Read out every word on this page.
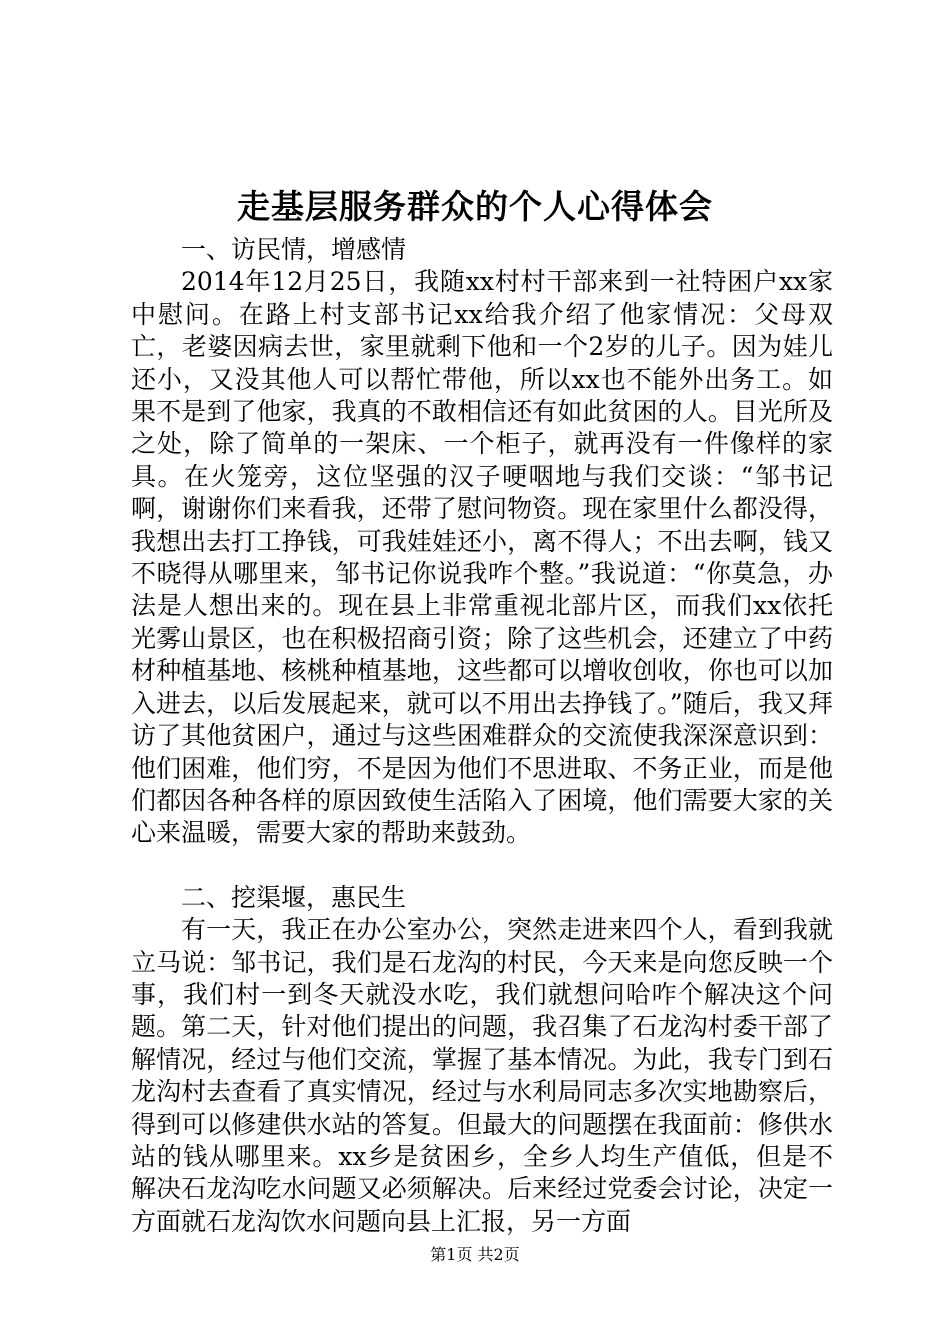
走基层服务群众的个人心得体会

一、访民情，增感情

2014年12月25日，我随xx村村干部来到一社特困户xx家中慰问。在路上村支部书记xx给我介绍了他家情况：父母双亡，老婆因病去世，家里就剩下他和一个2岁的儿子。因为娃儿还小，又没其他人可以帮忙带他，所以xx也不能外出务工。如果不是到了他家，我真的不敢相信还有如此贫困的人。目光所及之处，除了简单的一架床、一个柜子，就再没有一件像样的家具。在火笼旁，这位坚强的汉子哽咽地与我们交谈：“邹书记啊，谢谢你们来看我，还带了慰问物资。现在家里什么都没得，我想出去打工挣钱，可我娃娃还小，离不得人；不出去啊，钱又不晓得从哪里来，邹书记你说我咋个整。”我说道：“你莫急，办法是人想出来的。现在县上非常重视北部片区，而我们xx依托光雾山景区，也在积极招商引资；除了这些机会，还建立了中药材种植基地、核桃种植基地，这些都可以增收创收，你也可以加入进去，以后发展起来，就可以不用出去挣钱了。”随后，我又拜访了其他贫困户，通过与这些困难群众的交流使我深深意识到：他们困难，他们穷，不是因为他们不思进取、不务正业，而是他们都因各种各样的原因致使生活陷入了困境，他们需要大家的关心来温暖，需要大家的帮助来鼓劲。

二、挖渠堰，惠民生

有一天，我正在办公室办公，突然走进来四个人，看到我就立马说：邹书记，我们是石龙沟的村民，今天来是向您反映一个事，我们村一到冬天就没水吃，我们就想问哈咋个解决这个问题。第二天，针对他们提出的问题，我召集了石龙沟村委干部了解情况，经过与他们交流，掌握了基本情况。为此，我专门到石龙沟村去查看了真实情况，经过与水利局同志多次实地勘察后，得到可以修建供水站的答复。但最大的问题摆在我面前：修供水站的钱从哪里来。xx乡是贫困乡，全乡人均生产值低，但是不解决石龙沟吃水问题又必须解决。后来经过党委会讨论，决定一方面就石龙沟饮水问题向县上汇报，另一方面

第1页 共2页
